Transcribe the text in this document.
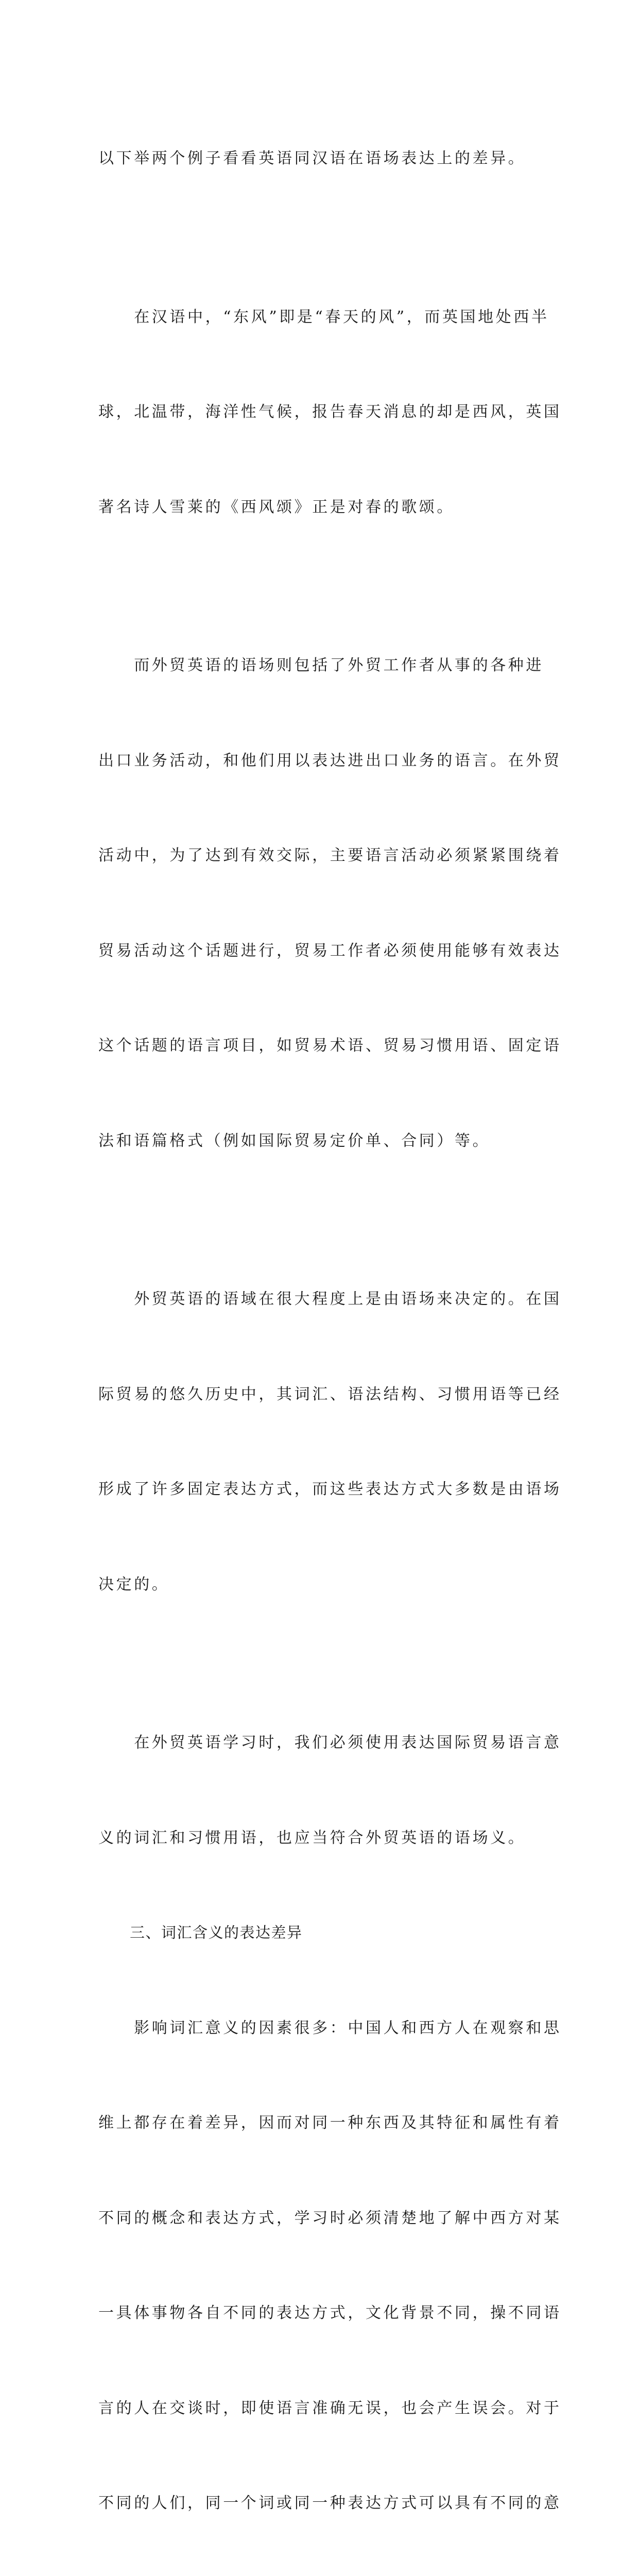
以下举两个例子看看英语同汉语在语场表达上的差异。

　　在汉语中，“东风”即是“春天的风”，而英国地处西半

球，北温带，海洋性气候，报告春天消息的却是西风，英国

著名诗人雪莱的《西风颂》正是对春的歌颂。

　　而外贸英语的语场则包括了外贸工作者从事的各种进

出口业务活动，和他们用以表达进出口业务的语言。在外贸

活动中，为了达到有效交际，主要语言活动必须紧紧围绕着

贸易活动这个话题进行，贸易工作者必须使用能够有效表达

这个话题的语言项目，如贸易术语、贸易习惯用语、固定语

法和语篇格式（例如国际贸易定价单、合同）等。

　　外贸英语的语域在很大程度上是由语场来决定的。在国

际贸易的悠久历史中，其词汇、语法结构、习惯用语等已经

形成了许多固定表达方式，而这些表达方式大多数是由语场

决定的。

　　在外贸英语学习时，我们必须使用表达国际贸易语言意

义的词汇和习惯用语，也应当符合外贸英语的语场义。

　　三、词汇含义的表达差异

　　影响词汇意义的因素很多：中国人和西方人在观察和思

维上都存在着差异，因而对同一种东西及其特征和属性有着

不同的概念和表达方式，学习时必须清楚地了解中西方对某

一具体事物各自不同的表达方式，文化背景不同，操不同语

言的人在交谈时，即使语言准确无误，也会产生误会。对于

不同的人们，同一个词或同一种表达方式可以具有不同的意
